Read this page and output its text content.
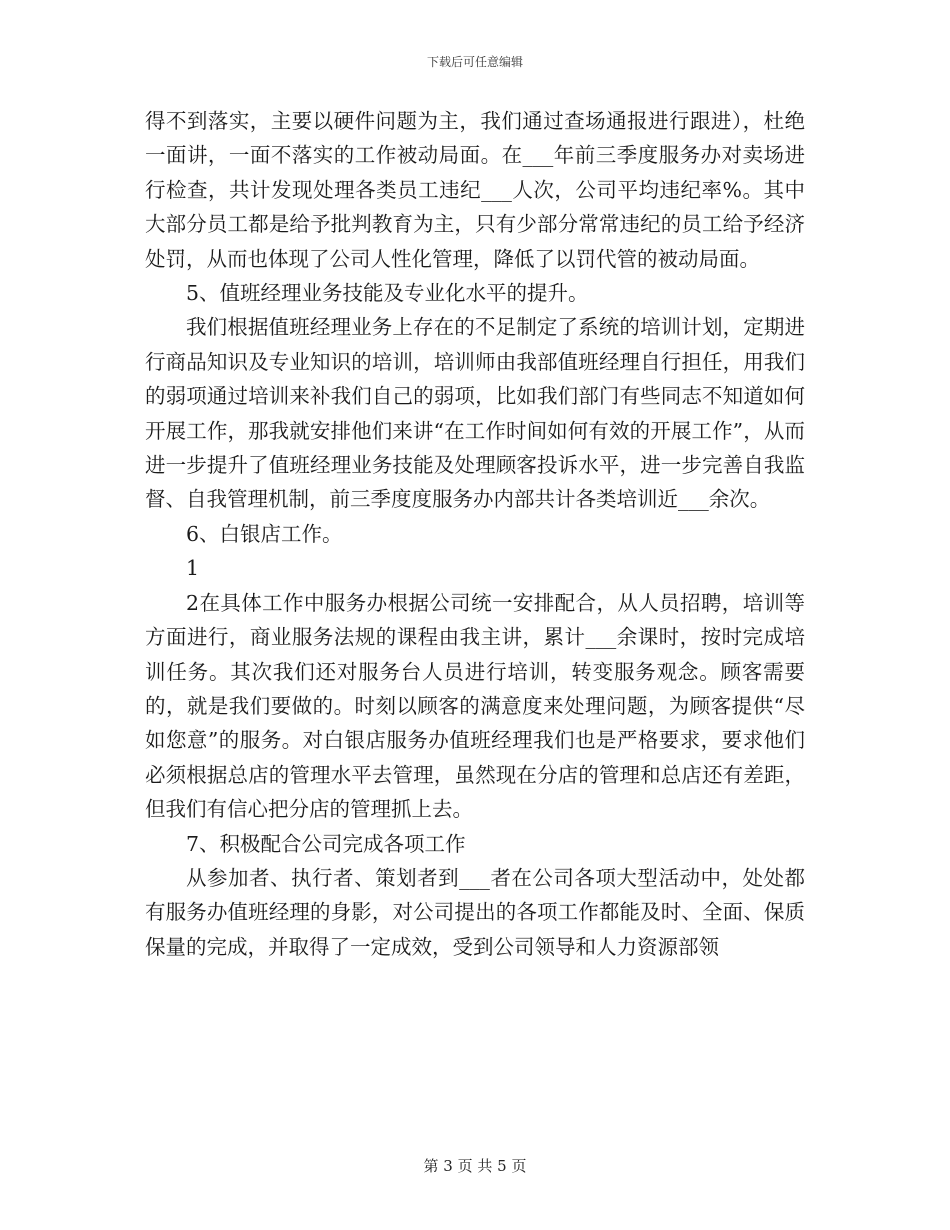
下载后可任意编辑

得不到落实，主要以硬件问题为主，我们通过查场通报进行跟进），杜绝一面讲，一面不落实的工作被动局面。在___年前三季度服务办对卖场进行检查，共计发现处理各类员工违纪___人次，公司平均违纪率%。其中大部分员工都是给予批判教育为主，只有少部分常常违纪的员工给予经济处罚，从而也体现了公司人性化管理，降低了以罚代管的被动局面。

5、值班经理业务技能及专业化水平的提升。

我们根据值班经理业务上存在的不足制定了系统的培训计划，定期进行商品知识及专业知识的培训，培训师由我部值班经理自行担任，用我们的弱项通过培训来补我们自己的弱项，比如我们部门有些同志不知道如何开展工作，那我就安排他们来讲“在工作时间如何有效的开展工作”，从而进一步提升了值班经理业务技能及处理顾客投诉水平，进一步完善自我监督、自我管理机制，前三季度度服务办内部共计各类培训近___余次。

6、白银店工作。

1

2在具体工作中服务办根据公司统一安排配合，从人员招聘，培训等方面进行，商业服务法规的课程由我主讲，累计___余课时，按时完成培训任务。其次我们还对服务台人员进行培训，转变服务观念。顾客需要的，就是我们要做的。时刻以顾客的满意度来处理问题，为顾客提供“尽如您意”的服务。对白银店服务办值班经理我们也是严格要求，要求他们必须根据总店的管理水平去管理，虽然现在分店的管理和总店还有差距，但我们有信心把分店的管理抓上去。

7、积极配合公司完成各项工作

从参加者、执行者、策划者到___者在公司各项大型活动中，处处都有服务办值班经理的身影，对公司提出的各项工作都能及时、全面、保质保量的完成，并取得了一定成效，受到公司领导和人力资源部领

第 3 页 共 5 页
